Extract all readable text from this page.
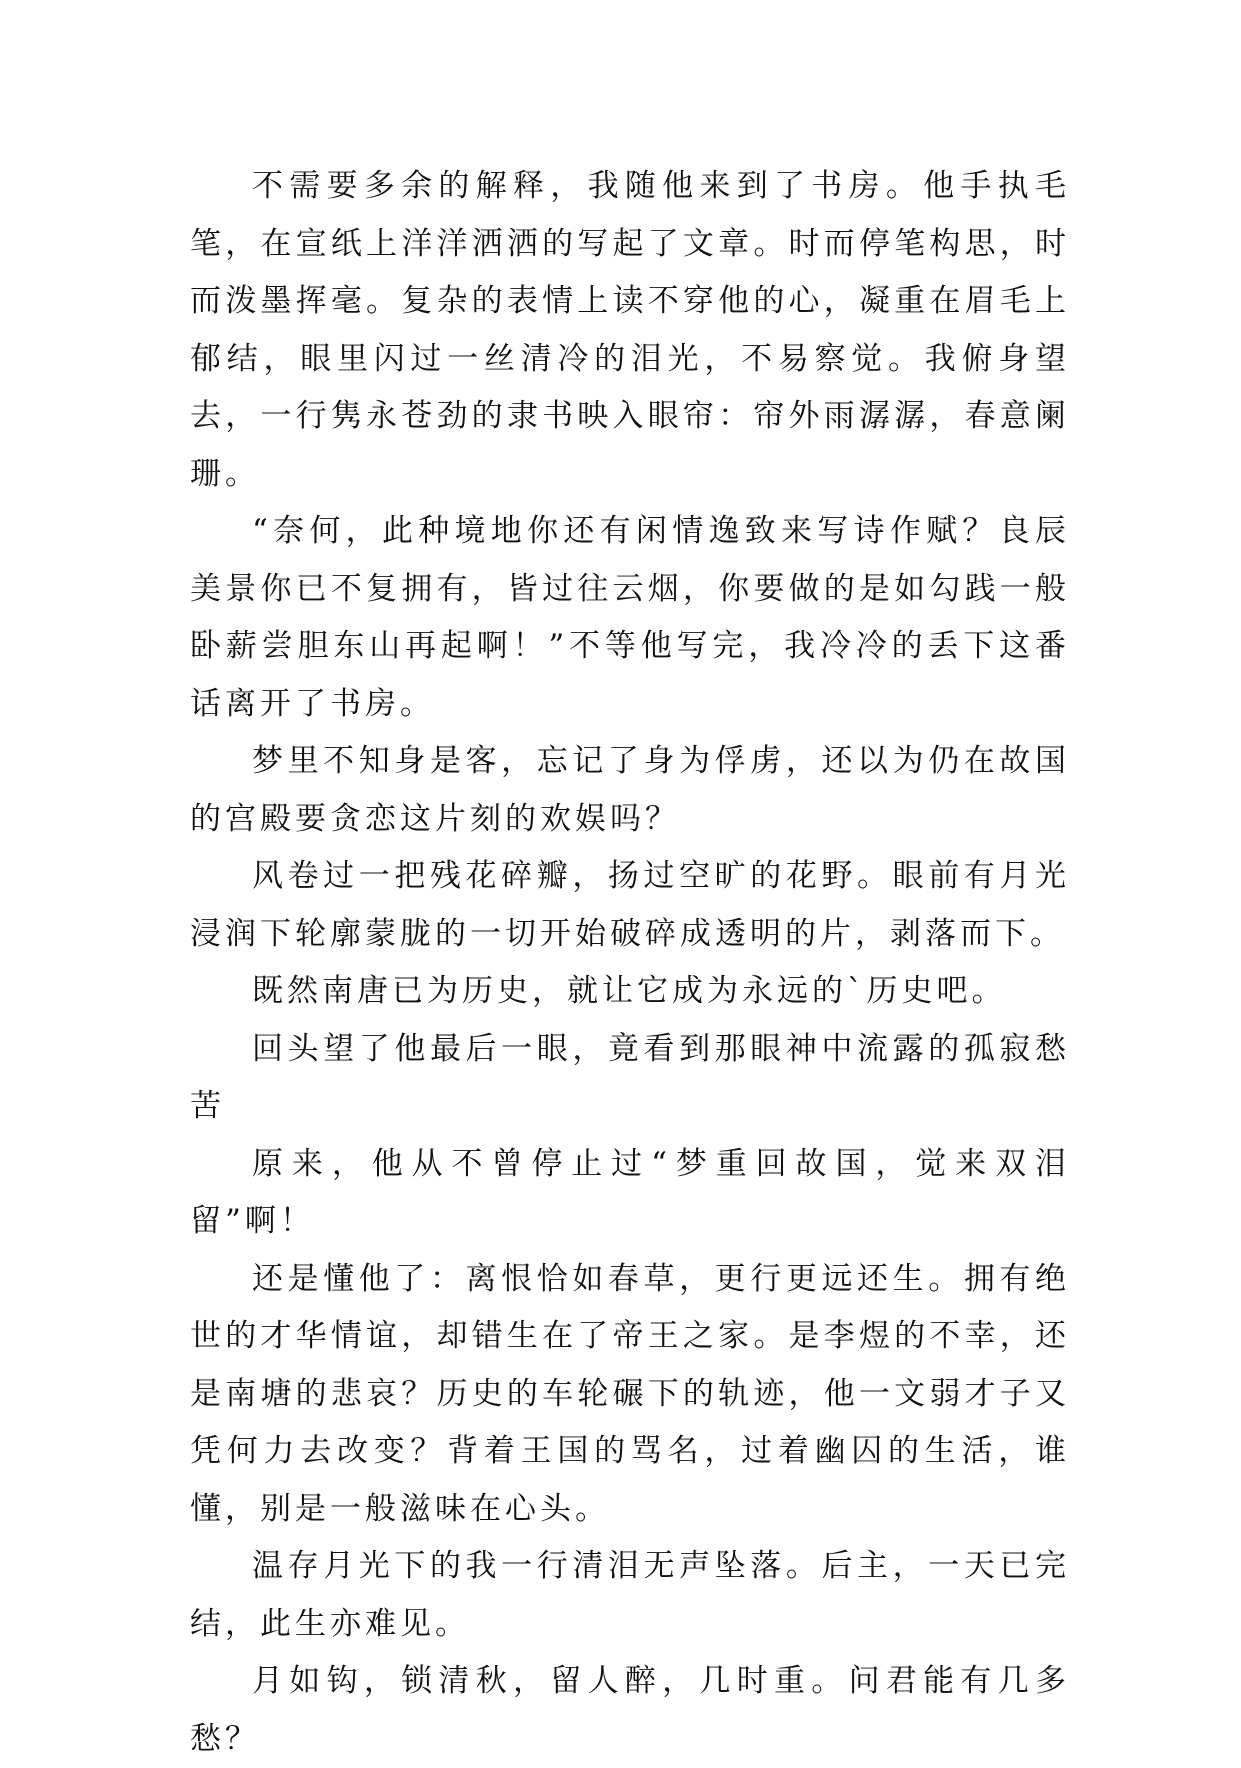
不需要多余的解释，我随他来到了书房。他手执毛笔，在宣纸上洋洋洒洒的写起了文章。时而停笔构思，时而泼墨挥毫。复杂的表情上读不穿他的心，凝重在眉毛上郁结，眼里闪过一丝清冷的泪光，不易察觉。我俯身望去，一行隽永苍劲的隶书映入眼帘：帘外雨潺潺，春意阑珊。

“奈何，此种境地你还有闲情逸致来写诗作赋？良辰美景你已不复拥有，皆过往云烟，你要做的是如勾践一般卧薪尝胆东山再起啊！”不等他写完，我冷冷的丢下这番话离开了书房。

梦里不知身是客，忘记了身为俘虏，还以为仍在故国的宫殿要贪恋这片刻的欢娱吗？

风卷过一把残花碎瓣，扬过空旷的花野。眼前有月光浸润下轮廓蒙胧的一切开始破碎成透明的片，剥落而下。

既然南唐已为历史，就让它成为永远的`历史吧。

回头望了他最后一眼，竟看到那眼神中流露的孤寂愁苦

原来，他从不曾停止过“梦重回故国，觉来双泪留”啊！

还是懂他了：离恨恰如春草，更行更远还生。拥有绝世的才华情谊，却错生在了帝王之家。是李煜的不幸，还是南塘的悲哀？历史的车轮碾下的轨迹，他一文弱才子又凭何力去改变？背着王国的骂名，过着幽囚的生活，谁懂，别是一般滋味在心头。

温存月光下的我一行清泪无声坠落。后主，一天已完结，此生亦难见。

月如钩，锁清秋，留人醉，几时重。问君能有几多愁？
